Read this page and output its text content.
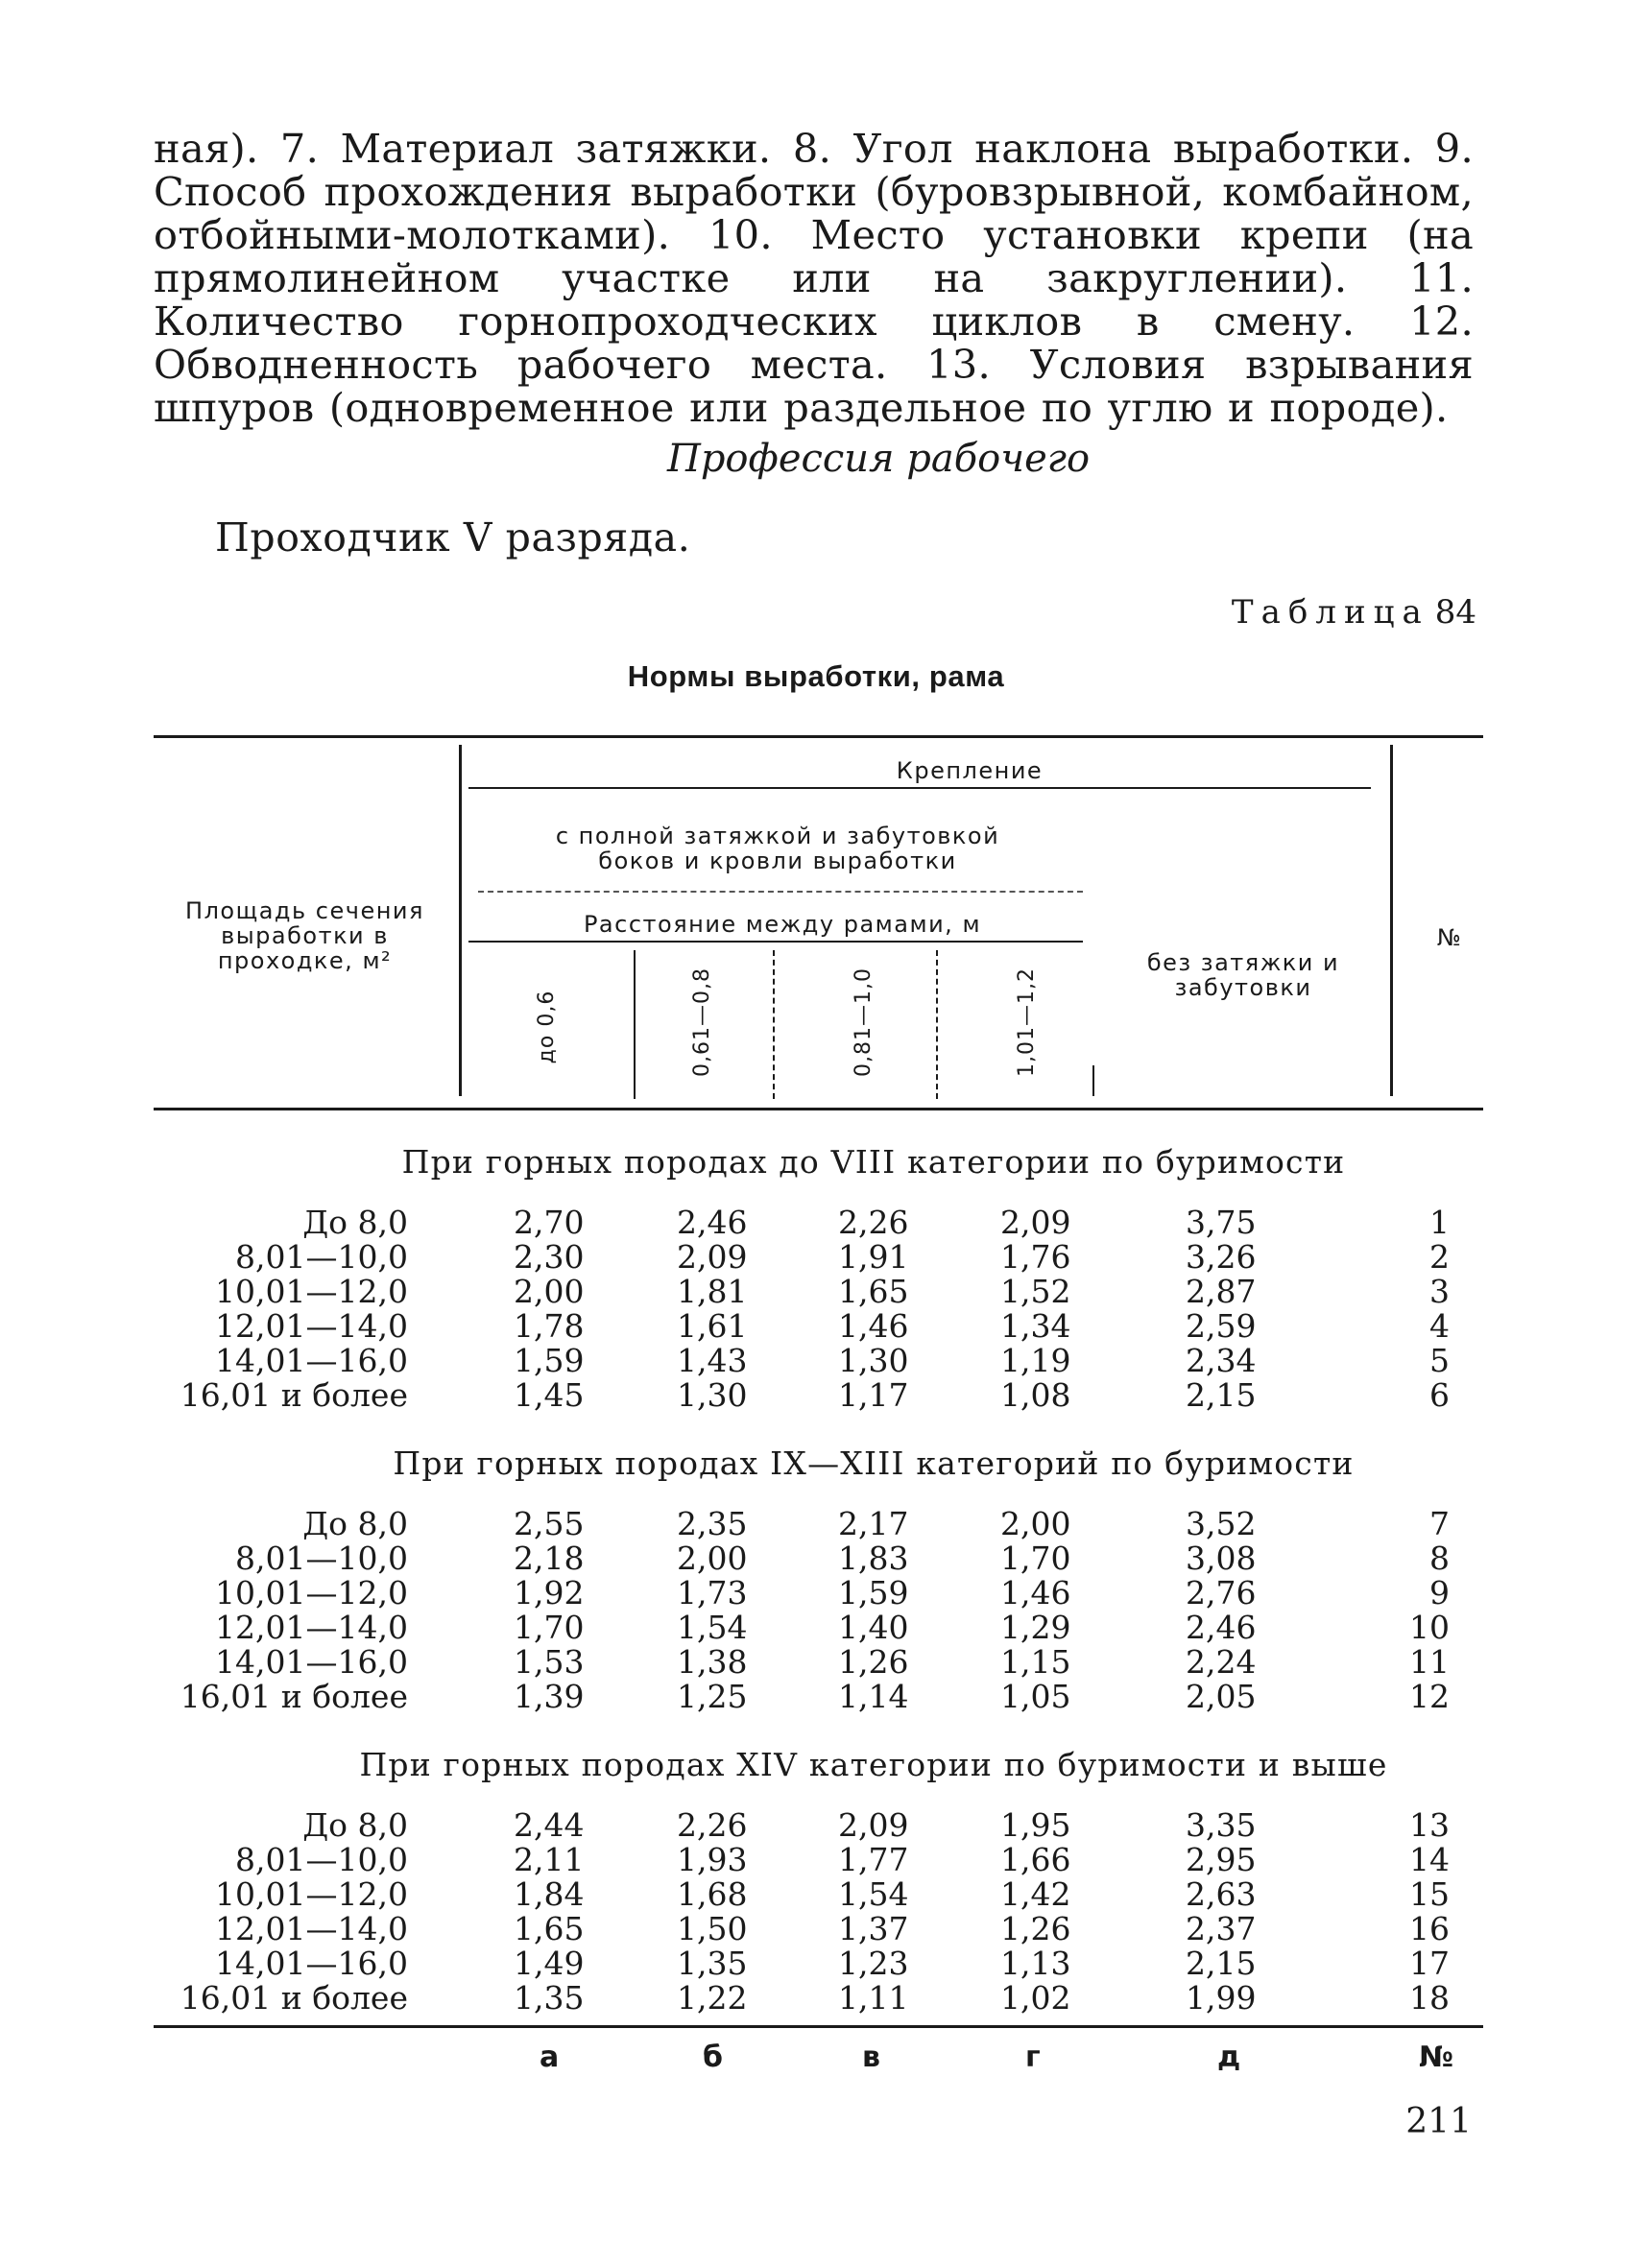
ная). 7. Материал затяжки. 8. Угол наклона выработки. 9. Способ прохождения выработки (буровзрывной, комбайном, отбойными-молотками). 10. Место установки крепи (на прямолинейном участке или на закруглении). 11. Количество горнопроходческих циклов в смену. 12. Обводненность рабочего места. 13. Условия взрывания шпуров (одновременное или раздельное по углю и породе).
Профессия рабочего
Проходчик V разряда.
Таблица 84
Нормы выработки, рама
Площадь сечения выработки в проходке, м²
Крепление
с полной затяжкой и забутовкой боков и кровли выработки
Расстояние между рамами, м
без затяжки и забутовки
№
до 0,6	0,61—0,8	0,81—1,0	1,01—1,2
При горных породах до VIII категории по буримости
До 8,0	2,70	2,46	2,26	2,09	3,75	1
8,01—10,0	2,30	2,09	1,91	1,76	3,26	2
10,01—12,0	2,00	1,81	1,65	1,52	2,87	3
12,01—14,0	1,78	1,61	1,46	1,34	2,59	4
14,01—16,0	1,59	1,43	1,30	1,19	2,34	5
16,01 и более	1,45	1,30	1,17	1,08	2,15	6
При горных породах IX—XIII категорий по буримости
До 8,0	2,55	2,35	2,17	2,00	3,52	7
8,01—10,0	2,18	2,00	1,83	1,70	3,08	8
10,01—12,0	1,92	1,73	1,59	1,46	2,76	9
12,01—14,0	1,70	1,54	1,40	1,29	2,46	10
14,01—16,0	1,53	1,38	1,26	1,15	2,24	11
16,01 и более	1,39	1,25	1,14	1,05	2,05	12
При горных породах XIV категории по буримости и выше
До 8,0	2,44	2,26	2,09	1,95	3,35	13
8,01—10,0	2,11	1,93	1,77	1,66	2,95	14
10,01—12,0	1,84	1,68	1,54	1,42	2,63	15
12,01—14,0	1,65	1,50	1,37	1,26	2,37	16
14,01—16,0	1,49	1,35	1,23	1,13	2,15	17
16,01 и более	1,35	1,22	1,11	1,02	1,99	18
а	б	в	г	д	№
211
